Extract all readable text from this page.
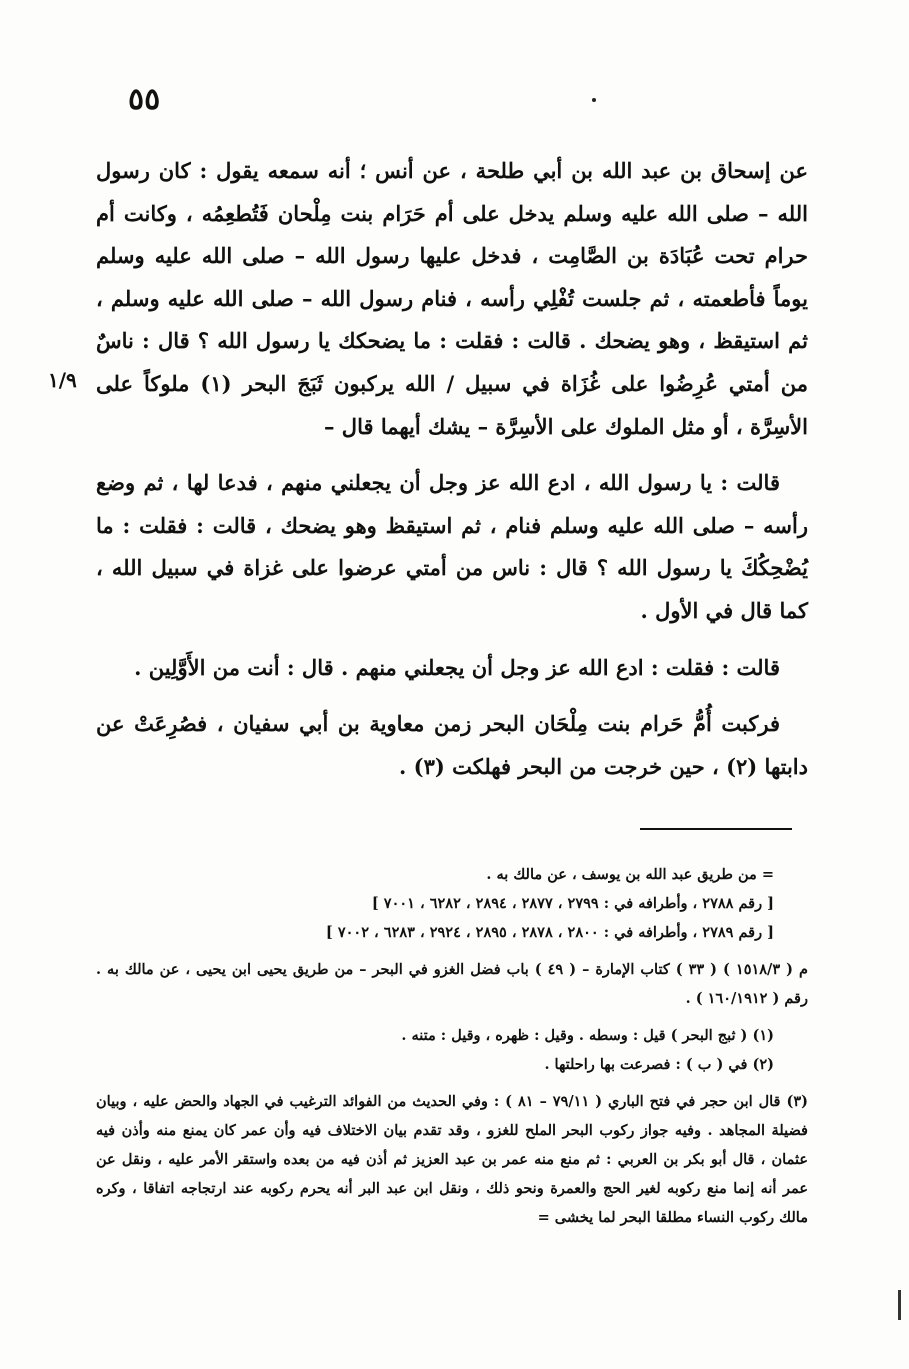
٥٥
١/٩

عن إسحاق بن عبد الله بن أبي طلحة ، عن أنس ؛ أنه سمعه يقول : كان رسول الله – صلى الله عليه وسلم يدخل على أم حَرَام بنت مِلْحان فَتُطعِمُه ، وكانت أم حرام تحت عُبَادَة بن الصَّامِت ، فدخل عليها رسول الله – صلى الله عليه وسلم يوماً فأطعمته ، ثم جلست تُفْلِي رأسه ، فنام رسول الله – صلى الله عليه وسلم ، ثم استيقظ ، وهو يضحك . قالت : فقلت : ما يضحكك يا رسول الله ؟ قال : ناسٌ من أمتي عُرِضُوا على غُزَاة في سبيل / الله يركبون ثَبَجَ البحر (١) ملوكاً على الأسِرَّة ، أو مثل الملوك على الأسِرَّة – يشك أيهما قال –

قالت : يا رسول الله ، ادع الله عز وجل أن يجعلني منهم ، فدعا لها ، ثم وضع رأسه – صلى الله عليه وسلم فنام ، ثم استيقظ وهو يضحك ، قالت : فقلت : ما يُضْحِكُكَ يا رسول الله ؟ قال : ناس من أمتي عرضوا على غزاة في سبيل الله ، كما قال في الأول .

قالت : فقلت : ادع الله عز وجل أن يجعلني منهم . قال : أنت من الأَوَّلِين .

فركبت أُمُّ حَرام بنت مِلْحَان البحر زمن معاوية بن أبي سفيان ، فصُرِعَتْ عن دابتها (٢) ، حين خرجت من البحر فهلكت (٣) .

= من طريق عبد الله بن يوسف ، عن مالك به .

[ رقم ٢٧٨٨ ، وأطرافه في : ٢٧٩٩ ، ٢٨٧٧ ، ٢٨٩٤ ، ٦٢٨٢ ، ٧٠٠١ ]

[ رقم ٢٧٨٩ ، وأطرافه في : ٢٨٠٠ ، ٢٨٧٨ ، ٢٨٩٥ ، ٢٩٢٤ ، ٦٢٨٣ ، ٧٠٠٢ ]

م ( ١٥١٨/٣ ) ( ٣٣ ) كتاب الإمارة – ( ٤٩ ) باب فضل الغزو في البحر – من طريق يحيى ابن يحيى ، عن مالك به . رقم ( ١٦٠/١٩١٢ ) .

(١) ( ثبج البحر ) قيل : وسطه . وقيل : ظهره ، وقيل : متنه .

(٢) في ( ب ) : فصرعت بها راحلتها .

(٣) قال ابن حجر في فتح الباري ( ٧٩/١١ – ٨١ ) : وفي الحديث من الفوائد الترغيب في الجهاد والحض عليه ، وبيان فضيلة المجاهد . وفيه جواز ركوب البحر الملح للغزو ، وقد تقدم بيان الاختلاف فيه وأن عمر كان يمنع منه وأذن فيه عثمان ، قال أبو بكر بن العربي : ثم منع منه عمر بن عبد العزيز ثم أذن فيه من بعده واستقر الأمر عليه ، ونقل عن عمر أنه إنما منع ركوبه لغير الحج والعمرة ونحو ذلك ، ونقل ابن عبد البر أنه يحرم ركوبه عند ارتجاجه اتفاقا ، وكره مالك ركوب النساء مطلقا البحر لما يخشى =
